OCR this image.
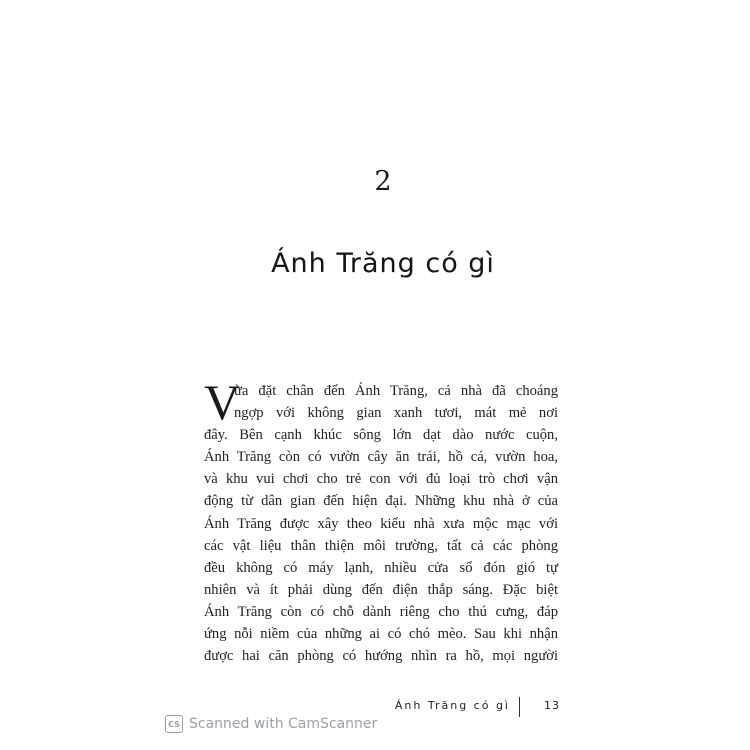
2
Ánh Trăng có gì
V
ừa đặt chân đến Ánh Trăng, cả nhà đã choáng
ngợp với không gian xanh tươi, mát mẻ nơi
đây. Bên cạnh khúc sông lớn dạt dào nước cuộn,
Ánh Trăng còn có vườn cây ăn trái, hồ cá, vườn hoa,
và khu vui chơi cho trẻ con với đủ loại trò chơi vận
động từ dân gian đến hiện đại. Những khu nhà ở của
Ánh Trăng được xây theo kiểu nhà xưa mộc mạc với
các vật liệu thân thiện môi trường, tất cả các phòng
đều không có máy lạnh, nhiều cửa sổ đón gió tự
nhiên và ít phải dùng đến điện thắp sáng. Đặc biệt
Ánh Trăng còn có chỗ dành riêng cho thú cưng, đáp
ứng nỗi niềm của những ai có chó mèo. Sau khi nhận
được hai căn phòng có hướng nhìn ra hồ, mọi người
Ánh Trăng có gì	13
CS Scanned with CamScanner
